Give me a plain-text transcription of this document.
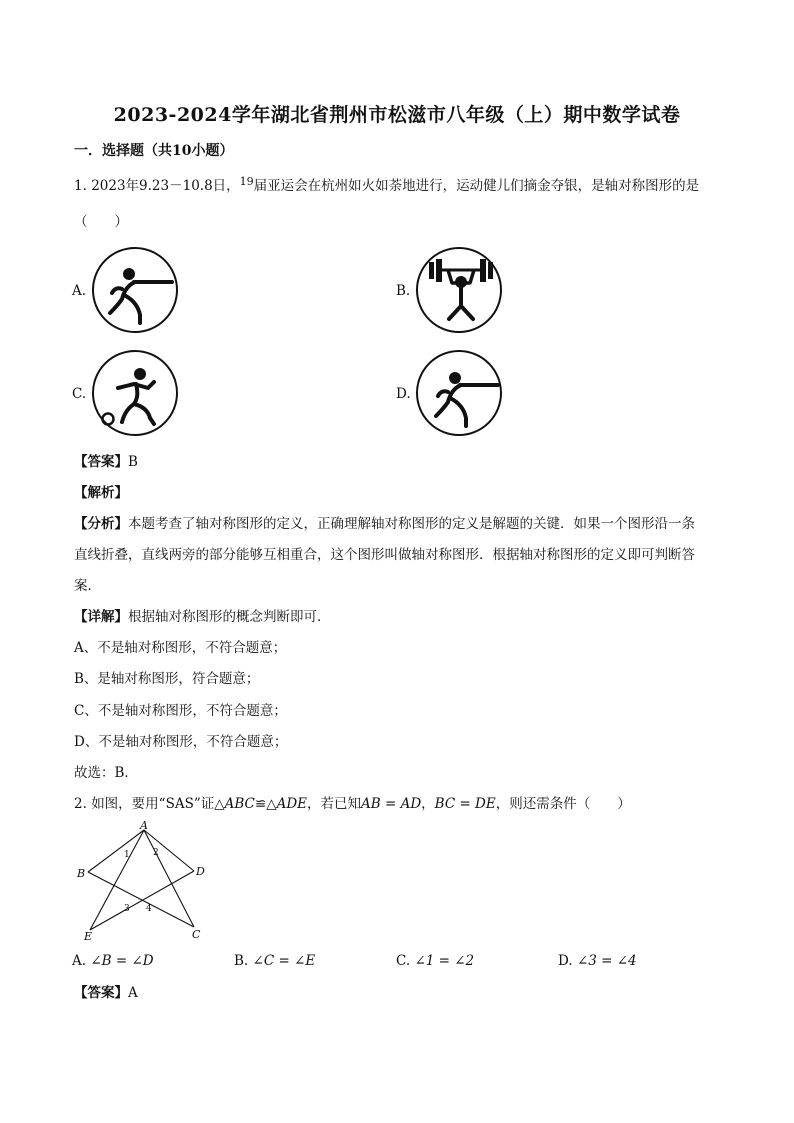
2023-2024学年湖北省荆州市松滋市八年级（上）期中数学试卷
一．选择题（共10小题）
1. 2023年9.23－10.8日，$^{19}$届亚运会在杭州如火如荼地进行，运动健儿们摘金夺银，是轴对称图形的是
（　　）
A.	B.
C.	D.
【答案】B
【解析】
【分析】本题考查了轴对称图形的定义，正确理解轴对称图形的定义是解题的关键．如果一个图形沿一条
直线折叠，直线两旁的部分能够互相重合，这个图形叫做轴对称图形．根据轴对称图形的定义即可判断答
案．
【详解】根据轴对称图形的概念判断即可．
A、不是轴对称图形，不符合题意；
B、是轴对称图形，符合题意；
C、不是轴对称图形，不符合题意；
D、不是轴对称图形，不符合题意；
故选：B．
2. 如图，要用“SAS”证△ABC≌△ADE，若已知AB = AD，BC = DE，则还需条件（　　）
A
B
C
D
E
1	2
3 4
A. ∠B = ∠D	B. ∠C = ∠E	C. ∠1 = ∠2	D. ∠3 = ∠4
【答案】A
